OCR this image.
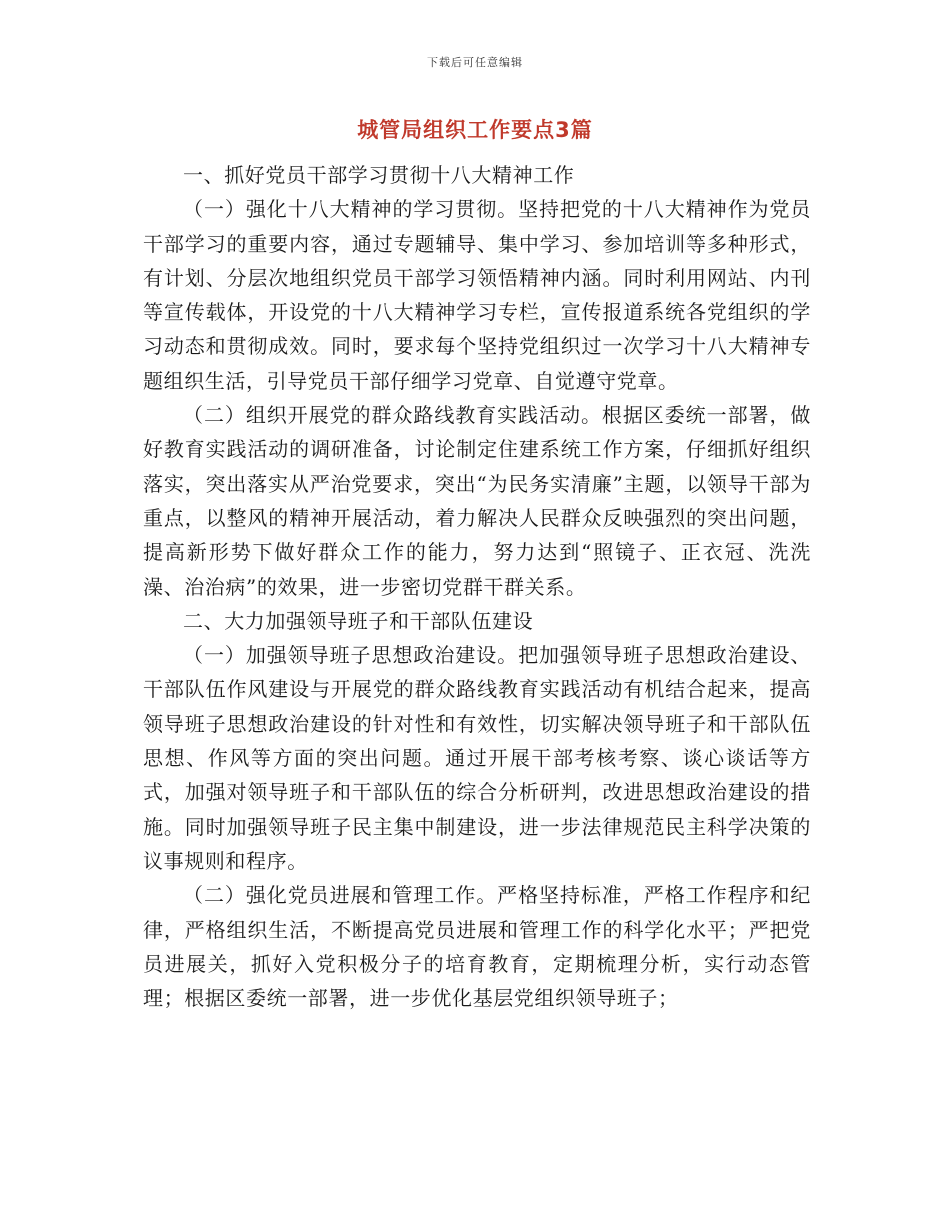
下载后可任意编辑
城管局组织工作要点3篇

一、抓好党员干部学习贯彻十八大精神工作

（一）强化十八大精神的学习贯彻。坚持把党的十八大精神作为党员干部学习的重要内容，通过专题辅导、集中学习、参加培训等多种形式，有计划、分层次地组织党员干部学习领悟精神内涵。同时利用网站、内刊等宣传载体，开设党的十八大精神学习专栏，宣传报道系统各党组织的学习动态和贯彻成效。同时，要求每个坚持党组织过一次学习十八大精神专题组织生活，引导党员干部仔细学习党章、自觉遵守党章。

（二）组织开展党的群众路线教育实践活动。根据区委统一部署，做好教育实践活动的调研准备，讨论制定住建系统工作方案，仔细抓好组织落实，突出落实从严治党要求，突出“为民务实清廉”主题，以领导干部为重点，以整风的精神开展活动，着力解决人民群众反映强烈的突出问题，提高新形势下做好群众工作的能力，努力达到“照镜子、正衣冠、洗洗澡、治治病”的效果，进一步密切党群干群关系。

二、大力加强领导班子和干部队伍建设

（一）加强领导班子思想政治建设。把加强领导班子思想政治建设、干部队伍作风建设与开展党的群众路线教育实践活动有机结合起来，提高领导班子思想政治建设的针对性和有效性，切实解决领导班子和干部队伍思想、作风等方面的突出问题。通过开展干部考核考察、谈心谈话等方式，加强对领导班子和干部队伍的综合分析研判，改进思想政治建设的措施。同时加强领导班子民主集中制建设，进一步法律规范民主科学决策的议事规则和程序。

（二）强化党员进展和管理工作。严格坚持标准，严格工作程序和纪律，严格组织生活，不断提高党员进展和管理工作的科学化水平；严把党员进展关，抓好入党积极分子的培育教育，定期梳理分析，实行动态管理；根据区委统一部署，进一步优化基层党组织领导班子；
